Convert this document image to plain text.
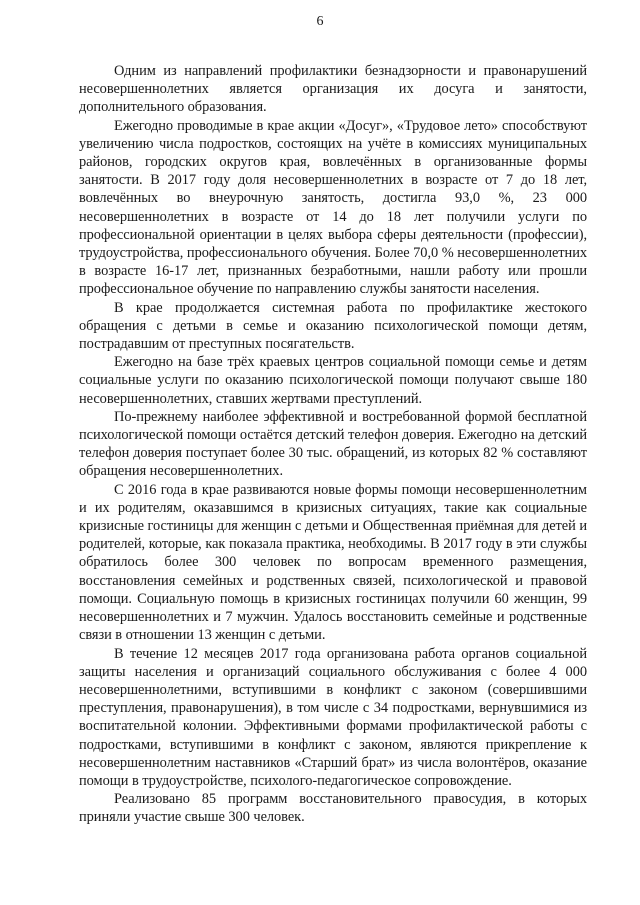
6

Одним из направлений профилактики безнадзорности и правонарушений несовершеннолетних является организация их досуга и занятости, дополнительного образования.

Ежегодно проводимые в крае акции «Досуг», «Трудовое лето» способствуют увеличению числа подростков, состоящих на учёте в комиссиях муниципальных районов, городских округов края, вовлечённых в организованные формы занятости. В 2017 году доля несовершеннолетних в возрасте от 7 до 18 лет, вовлечённых во внеурочную занятость, достигла 93,0 %, 23 000 несовершеннолетних в возрасте от 14 до 18 лет получили услуги по профессиональной ориентации в целях выбора сферы деятельности (профессии), трудоустройства, профессионального обучения. Более 70,0 % несовершеннолетних в возрасте 16-17 лет, признанных безработными, нашли работу или прошли профессиональное обучение по направлению службы занятости населения.

В крае продолжается системная работа по профилактике жестокого обращения с детьми в семье и оказанию психологической помощи детям, пострадавшим от преступных посягательств.

Ежегодно на базе трёх краевых центров социальной помощи семье и детям социальные услуги по оказанию психологической помощи получают свыше 180 несовершеннолетних, ставших жертвами преступлений.

По-прежнему наиболее эффективной и востребованной формой бесплатной психологической помощи остаётся детский телефон доверия. Ежегодно на детский телефон доверия поступает более 30 тыс. обращений, из которых 82 % составляют обращения несовершеннолетних.

С 2016 года в крае развиваются новые формы помощи несовершеннолетним и их родителям, оказавшимся в кризисных ситуациях, такие как социальные кризисные гостиницы для женщин с детьми и Общественная приёмная для детей и родителей, которые, как показала практика, необходимы. В 2017 году в эти службы обратилось более 300 человек по вопросам временного размещения, восстановления семейных и родственных связей, психологической и правовой помощи. Социальную помощь в кризисных гостиницах получили 60 женщин, 99 несовершеннолетних и 7 мужчин. Удалось восстановить семейные и родственные связи в отношении 13 женщин с детьми.

В течение 12 месяцев 2017 года организована работа органов социальной защиты населения и организаций социального обслуживания с более 4 000 несовершеннолетними, вступившими в конфликт с законом (совершившими преступления, правонарушения), в том числе с 34 подростками, вернувшимися из воспитательной колонии. Эффективными формами профилактической работы с подростками, вступившими в конфликт с законом, являются прикрепление к несовершеннолетним наставников «Старший брат» из числа волонтёров, оказание помощи в трудоустройстве, психолого-педагогическое сопровождение.

Реализовано 85 программ восстановительного правосудия, в которых приняли участие свыше 300 человек.
